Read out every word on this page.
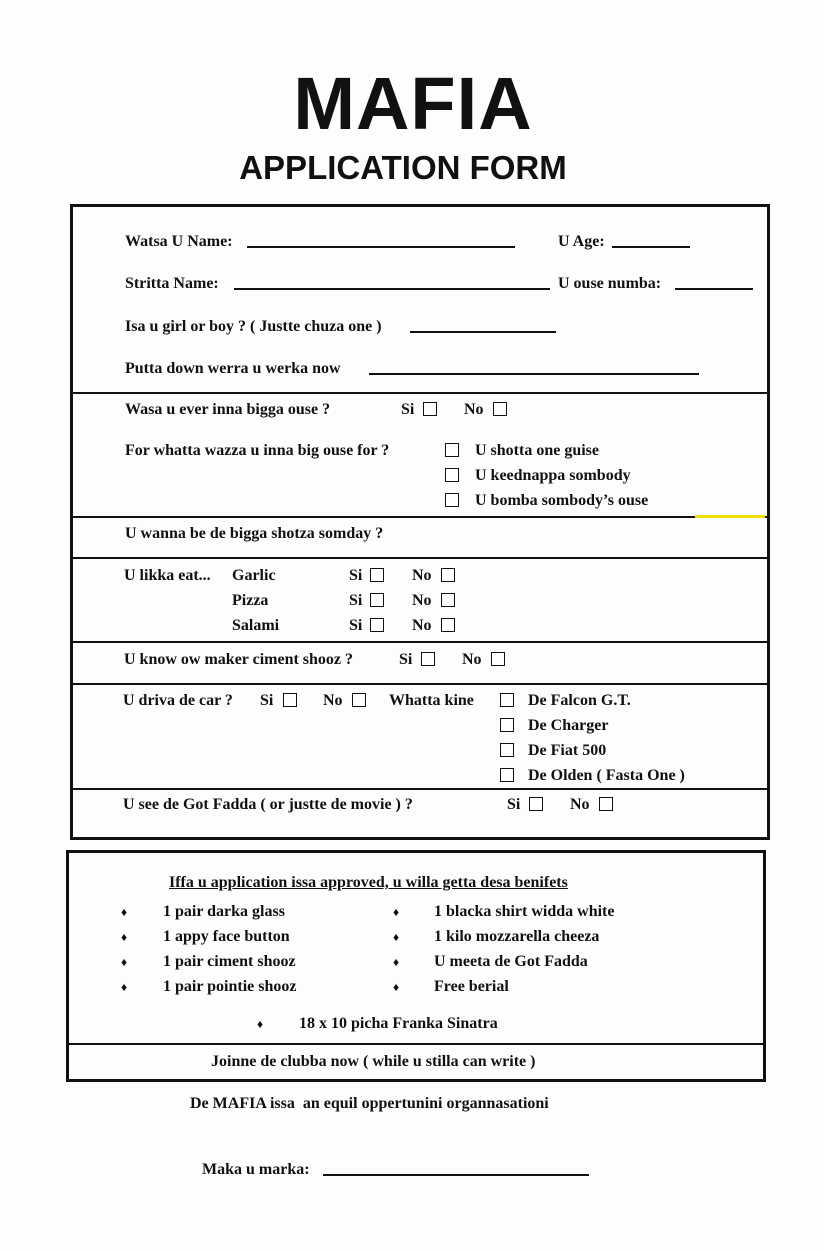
MAFIA
APPLICATION FORM
Watsa U Name:	U Age:
Stritta Name:	U ouse numba:
Isa u girl or boy ? ( Justte chuza one )
Putta down werra u werka now
Wasa u ever inna bigga ouse ?	Si	No
For whatta wazza u inna big ouse for ?	U shotta one guise
U keednappa sombody
U bomba sombody’s ouse
U wanna be de bigga shotza somday ?
U likka eat... Garlic	Si	No
Pizza	Si	No
Salami	Si	No
U know ow maker ciment shooz ?	Si	No
U driva de car ? Si	No	Whatta kine	De Falcon G.T.
De Charger
De Fiat 500
De Olden ( Fasta One )
U see de Got Fadda ( or justte de movie ) ?	Si	No
Iffa u application issa approved, u willa getta desa benifets
♦ 1 pair darka glass
♦ 1 appy face button
♦ 1 pair ciment shooz
♦ 1 pair pointie shooz
♦ 1 blacka shirt widda white
♦ 1 kilo mozzarella cheeza
♦ U meeta de Got Fadda
♦ Free berial
♦ 18 x 10 picha Franka Sinatra
Joinne de clubba now ( while u stilla can write )
De MAFIA issa  an equil oppertunini organnasationi
Maka u marka:
